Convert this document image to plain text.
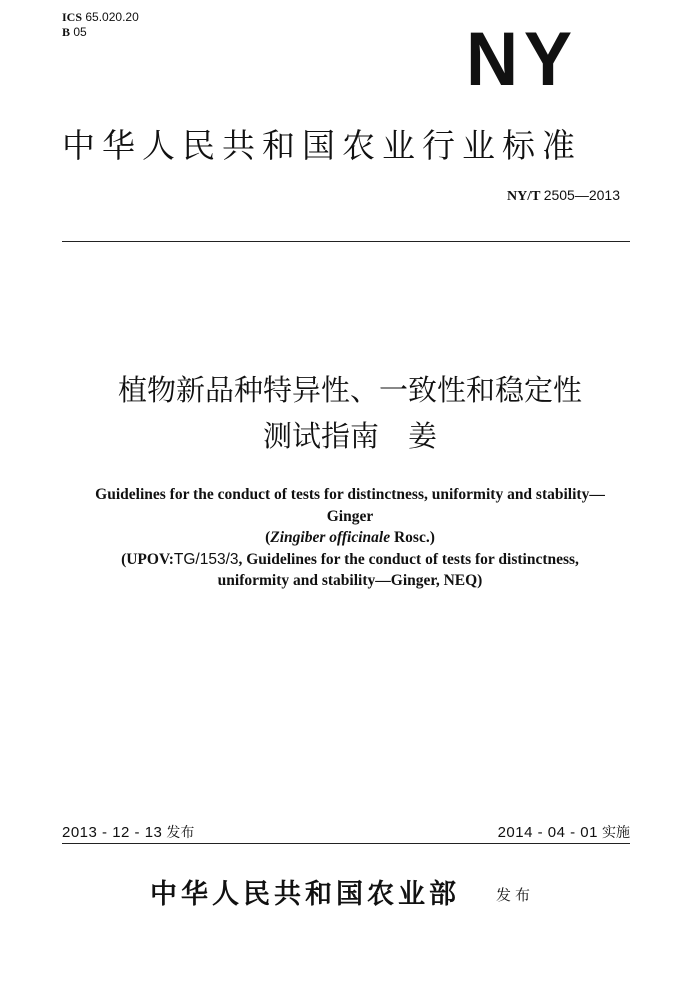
ICS 65.020.20
B 05	NY
中华人民共和国农业行业标准
NY/T 2505—2013
植物新品种特异性、一致性和稳定性
测试指南　姜
Guidelines for the conduct of tests for distinctness, uniformity and stability—
Ginger
(Zingiber officinale Rosc.)
(UPOV:TG/153/3, Guidelines for the conduct of tests for distinctness,
uniformity and stability—Ginger, NEQ)
2013 - 12 - 13 发布	2014 - 04 - 01 实施
中华人民共和国农业部 发布
